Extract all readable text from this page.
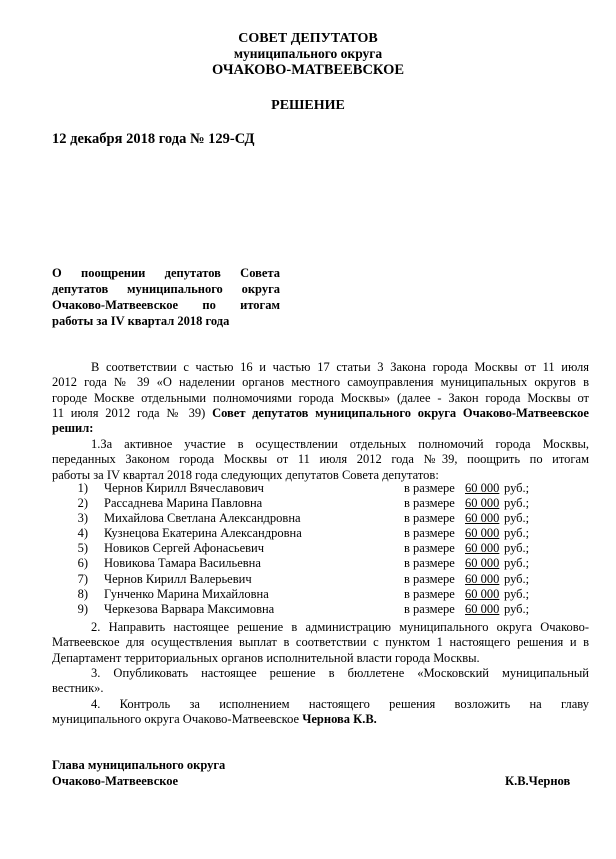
СОВЕТ ДЕПУТАТОВ
муниципального округа
ОЧАКОВО-МАТВЕЕВСКОЕ
РЕШЕНИЕ
12 декабря 2018 года № 129-СД
О поощрении депутатов Совета
депутатов муниципального округа
Очаково-Матвеевское по итогам
работы за IV квартал 2018 года
В соответствии с частью 16 и частью 17 статьи 3 Закона города Москвы от 11 июля
2012 года № 39 «О наделении органов местного самоуправления муниципальных округов в
городе Москве отдельными полномочиями города Москвы» (далее - Закон города Москвы от
11 июля 2012 года № 39) Совет депутатов муниципального округа Очаково-Матвеевское
решил:
1.За активное участие в осуществлении отдельных полномочий города Москвы,
переданных Законом города Москвы от 11 июля 2012 года №39, поощрить по итогам
работы за IV квартал 2018 года следующих депутатов Совета депутатов:
1) Чернов Кирилл Вячеславович	в размере 60 000 руб.;
2) Рассаднева Марина Павловна	в размере 60 000 руб.;
3) Михайлова Светлана Александровна	в размере 60 000 руб.;
4) Кузнецова Екатерина Александровна	в размере 60 000 руб.;
5) Новиков Сергей Афонасьевич	в размере 60 000 руб.;
6) Новикова Тамара Васильевна	в размере 60 000 руб.;
7) Чернов Кирилл Валерьевич	в размере 60 000 руб.;
8) Гунченко Марина Михайловна	в размере 60 000 руб.;
9) Черкезова Варвара Максимовна	в размере 60 000 руб.;
2. Направить настоящее решение в администрацию муниципального округа Очаково-
Матвеевское для осуществления выплат в соответствии с пунктом 1 настоящего решения и в
Департамент территориальных органов исполнительной власти города Москвы.
3. Опубликовать настоящее решение в бюллетене «Московский муниципальный
вестник».
4. Контроль за исполнением настоящего решения возложить на главу
муниципального округа Очаково-Матвеевское Чернова К.В.
Глава муниципального округа
Очаково-Матвеевское	К.В.Чернов
